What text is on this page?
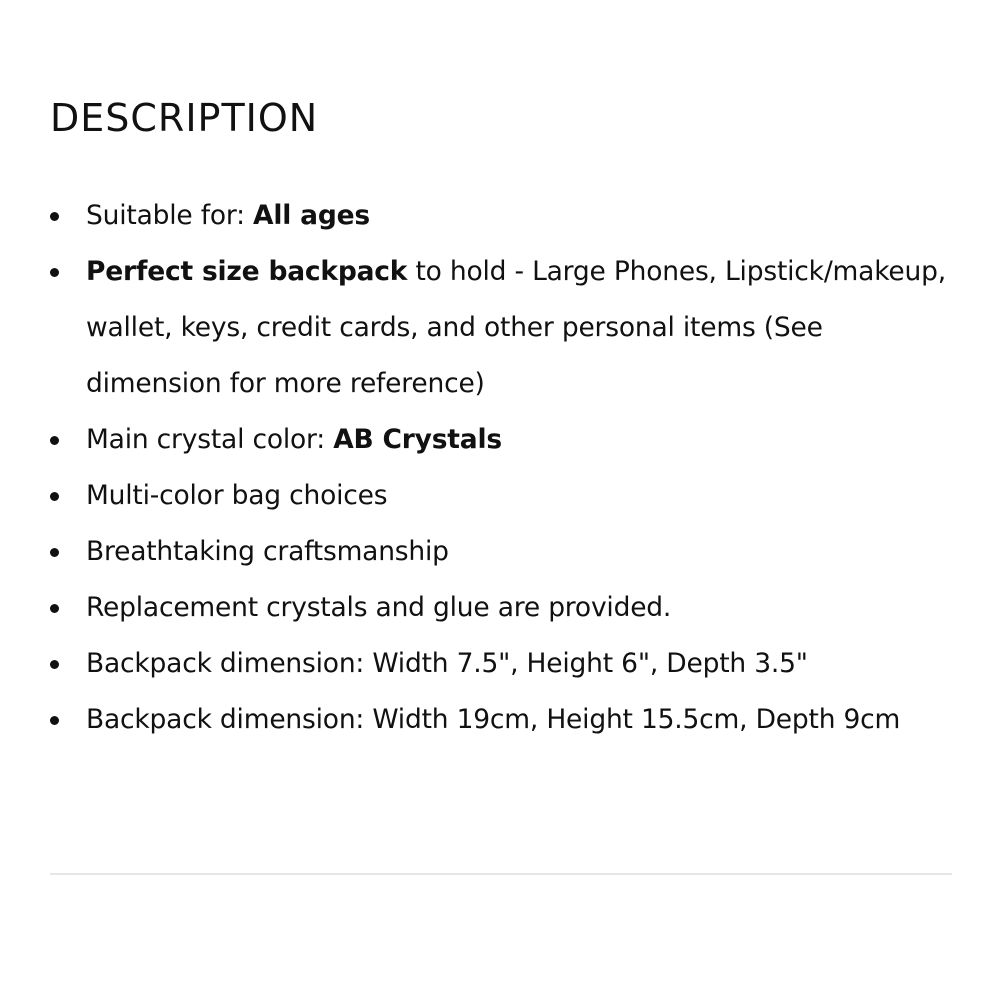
DESCRIPTION
Suitable for: All ages
Perfect size backpack to hold - Large Phones, Lipstick/makeup, wallet, keys, credit cards, and other personal items (See dimension for more reference)
Main crystal color: AB Crystals
Multi-color bag choices
Breathtaking craftsmanship
Replacement crystals and glue are provided.
Backpack dimension: Width 7.5", Height 6", Depth 3.5"
Backpack dimension: Width 19cm, Height 15.5cm, Depth 9cm
